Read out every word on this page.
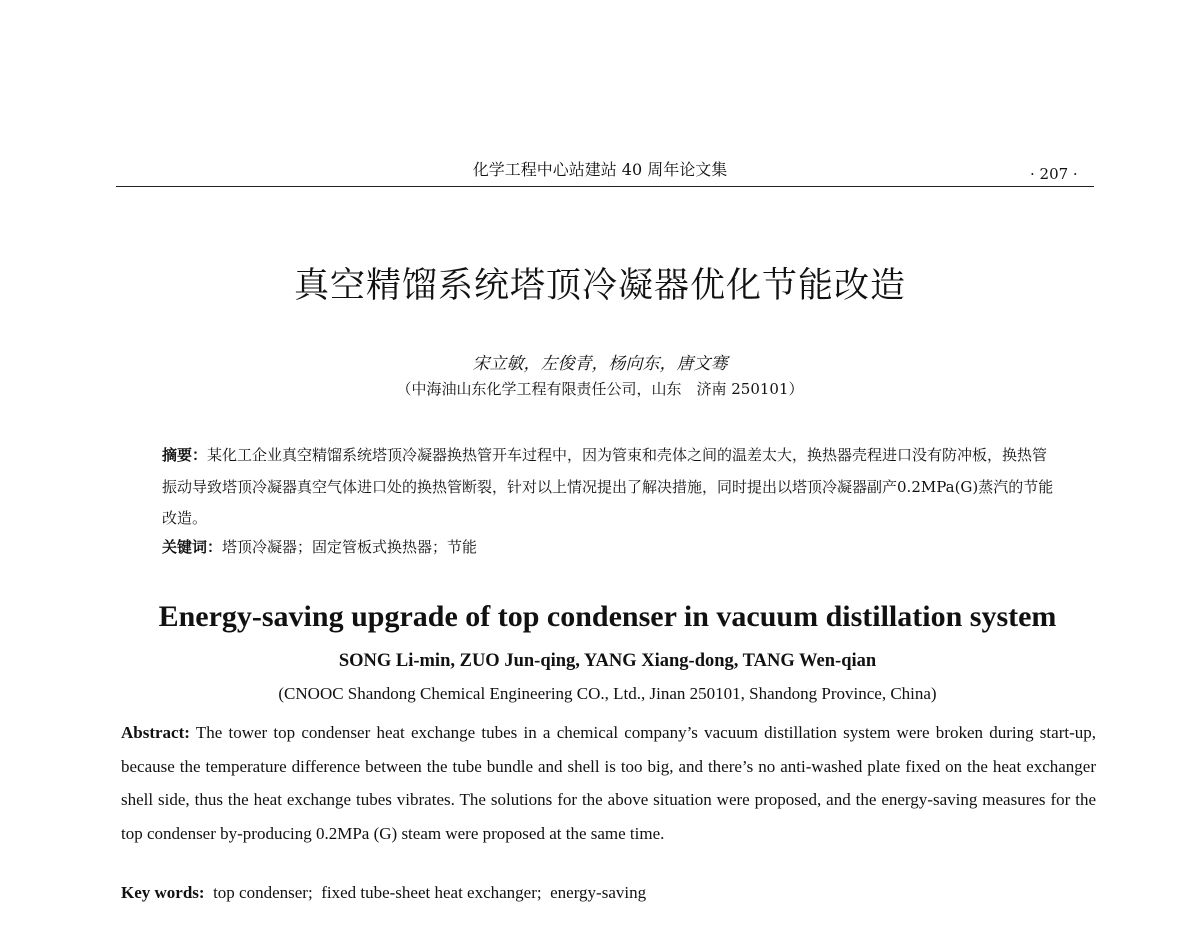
化学工程中心站建站 40 周年论文集	· 207 ·
真空精馏系统塔顶冷凝器优化节能改造
宋立敏，左俊青，杨向东，唐文骞
（中海油山东化学工程有限责任公司，山东　济南 250101）
摘要：某化工企业真空精馏系统塔顶冷凝器换热管开车过程中，因为管束和壳体之间的温差太大，换热器壳程进口没有防冲板，换热管振动导致塔顶冷凝器真空气体进口处的换热管断裂，针对以上情况提出了解决措施，同时提出以塔顶冷凝器副产0.2MPa(G)蒸汽的节能改造。
关键词：塔顶冷凝器；固定管板式换热器；节能
Energy-saving upgrade of top condenser in vacuum distillation system
SONG Li-min, ZUO Jun-qing, YANG Xiang-dong, TANG Wen-qian
(CNOOC Shandong Chemical Engineering CO., Ltd., Jinan 250101, Shandong Province, China)
Abstract: The tower top condenser heat exchange tubes in a chemical company’s vacuum distillation system were broken during start-up, because the temperature difference between the tube bundle and shell is too big, and there’s no anti-washed plate fixed on the heat exchanger shell side, thus the heat exchange tubes vibrates. The solutions for the above situation were proposed, and the energy-saving measures for the top condenser by-producing 0.2MPa (G) steam were proposed at the same time.
Key words:  top condenser;  fixed tube-sheet heat exchanger;  energy-saving
